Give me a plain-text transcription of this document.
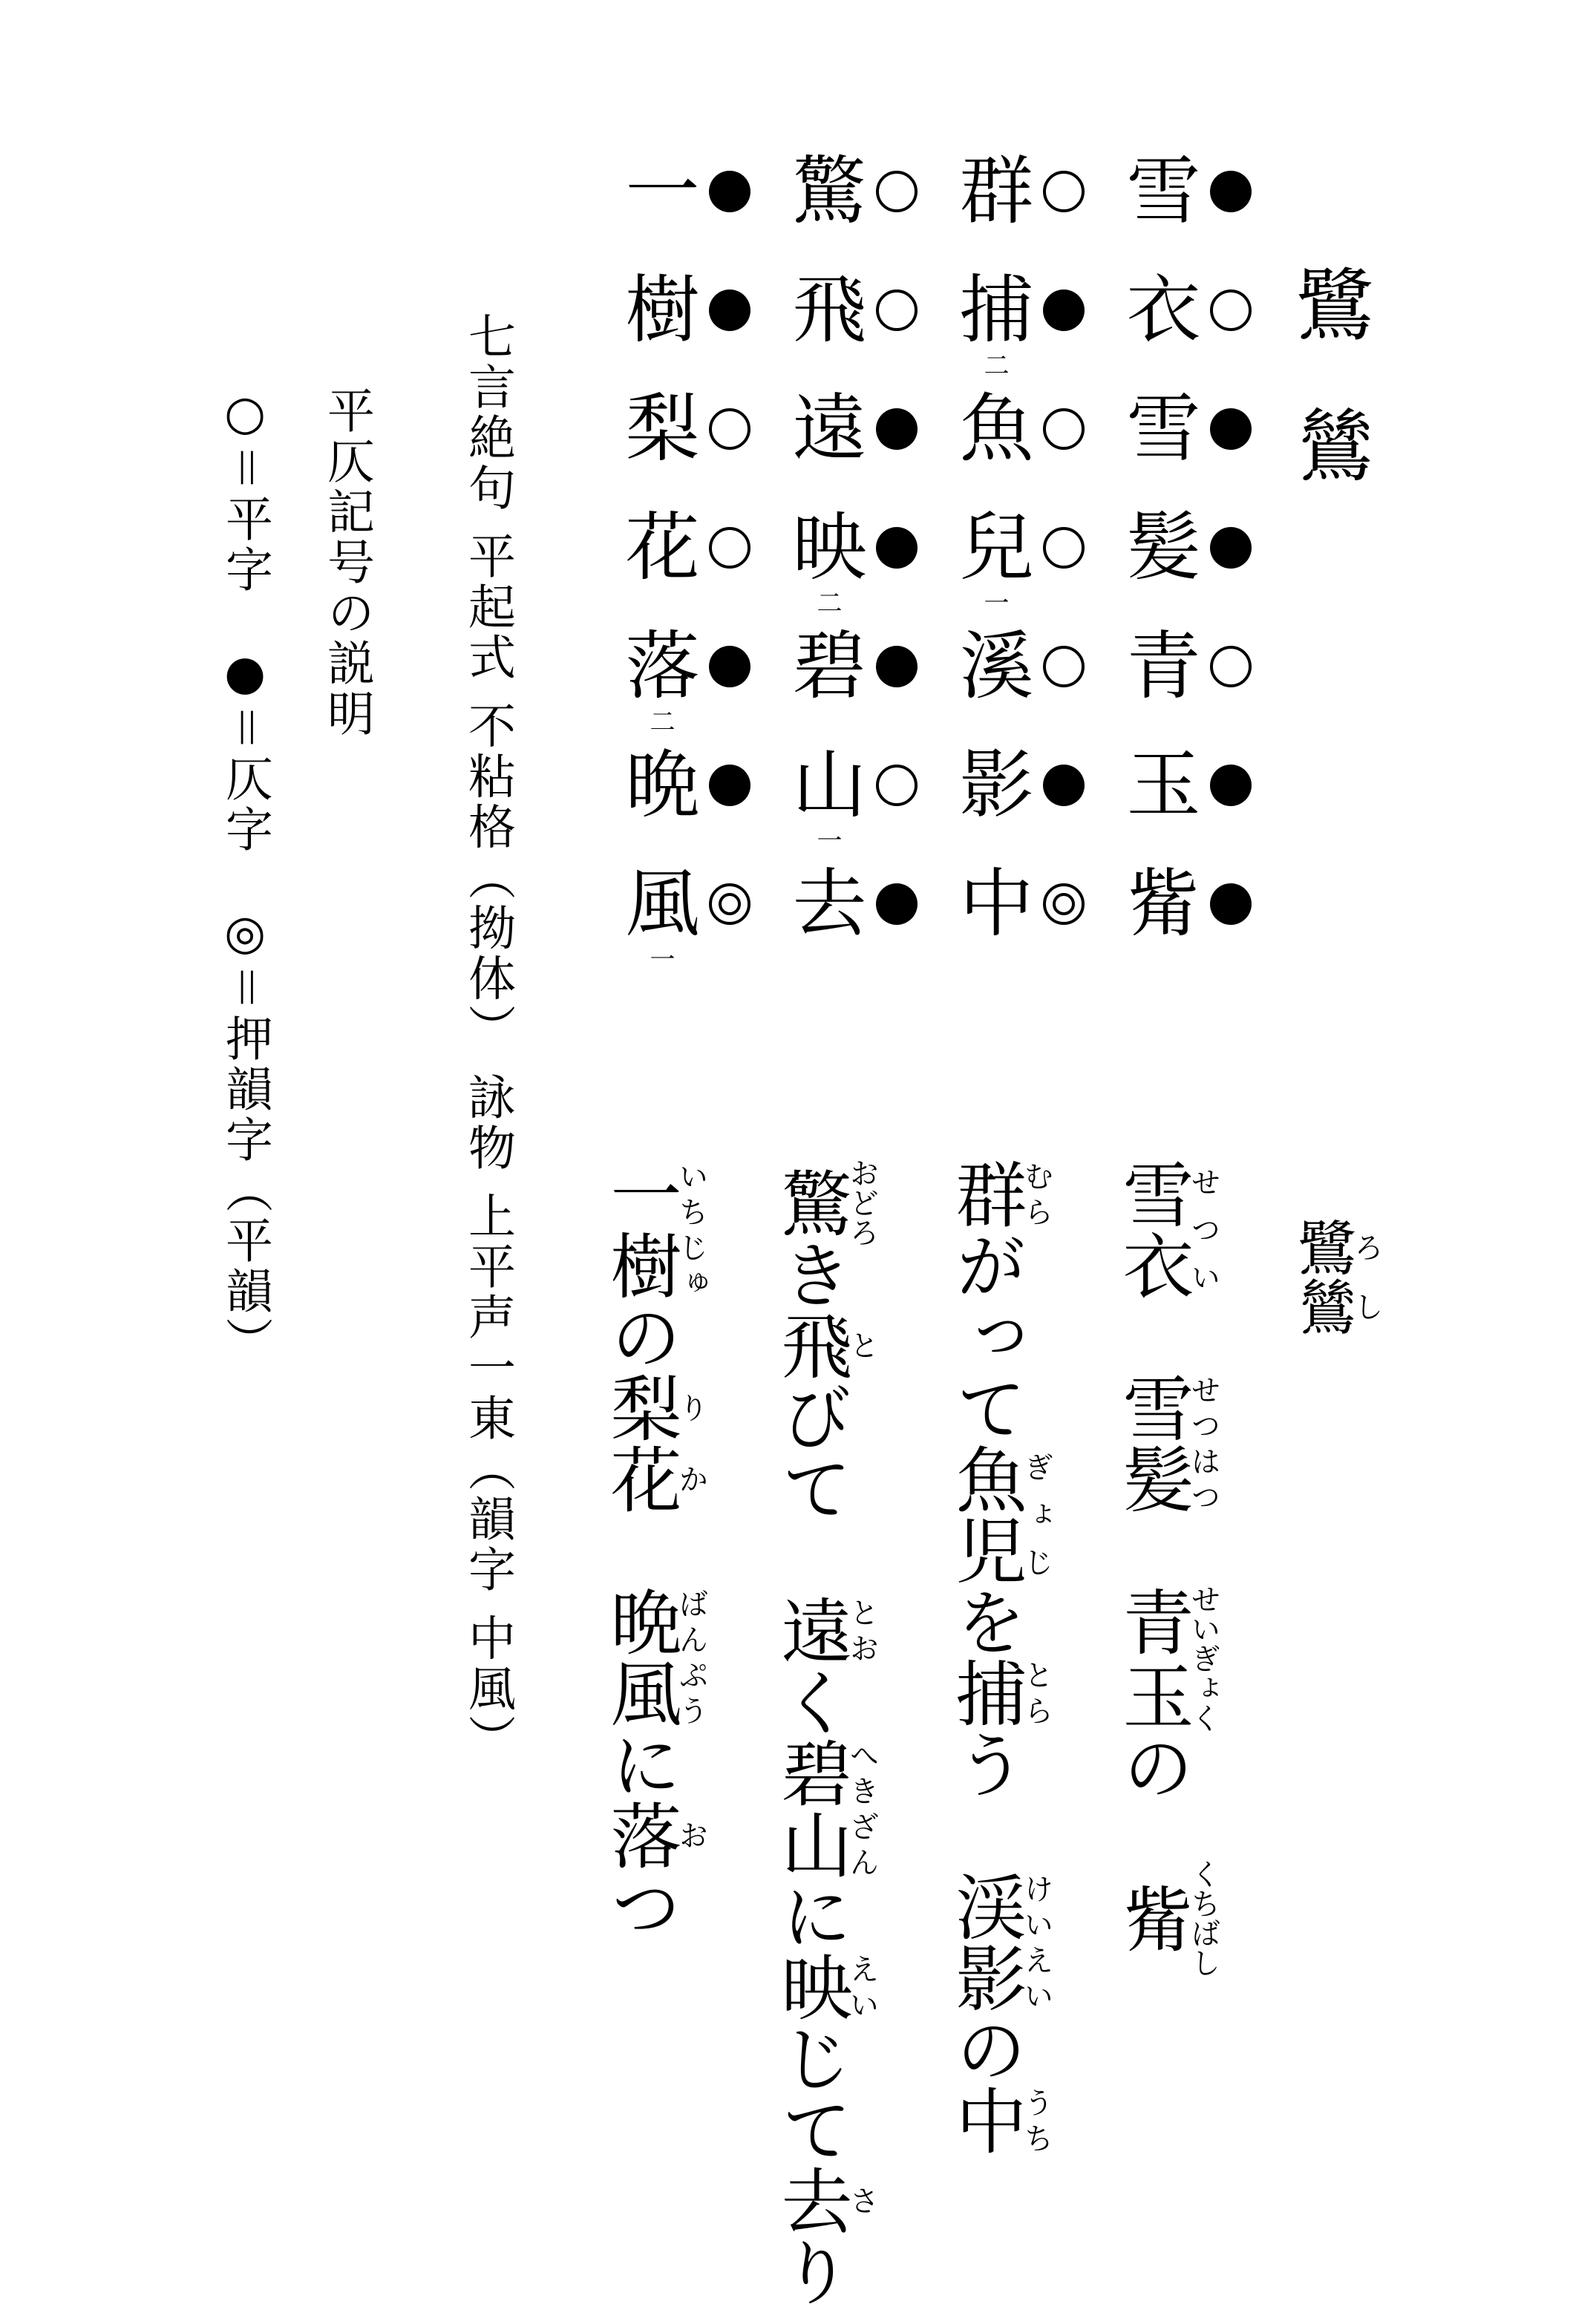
鷺
鷥
雪
衣
雪
髪
青
玉
觜
群
捕
二
魚
兒
一
溪
影
中
驚
飛
遠
映
二
碧
山
一
去
一
樹
梨
花
落
二
晩
風
一
七言絶句 平起式 不粘格（拗体） 詠物 上平声一東（韻字 中風）
平仄記号の説明
○＝平字　●＝仄字　◎＝押韻字（平韻）	鷺鷥ろし
雪衣せつい　雪髪せつはつ　青玉せいぎょくの　觜くちばし
群むらがって魚児ぎょじを捕とらう　渓影けいえいの中うち
驚おどろき飛とびて　遠とおく碧山へきざんに映えいじて去さり
一樹いちじゅの梨花りか　晩風ばんぷうに落おつ
